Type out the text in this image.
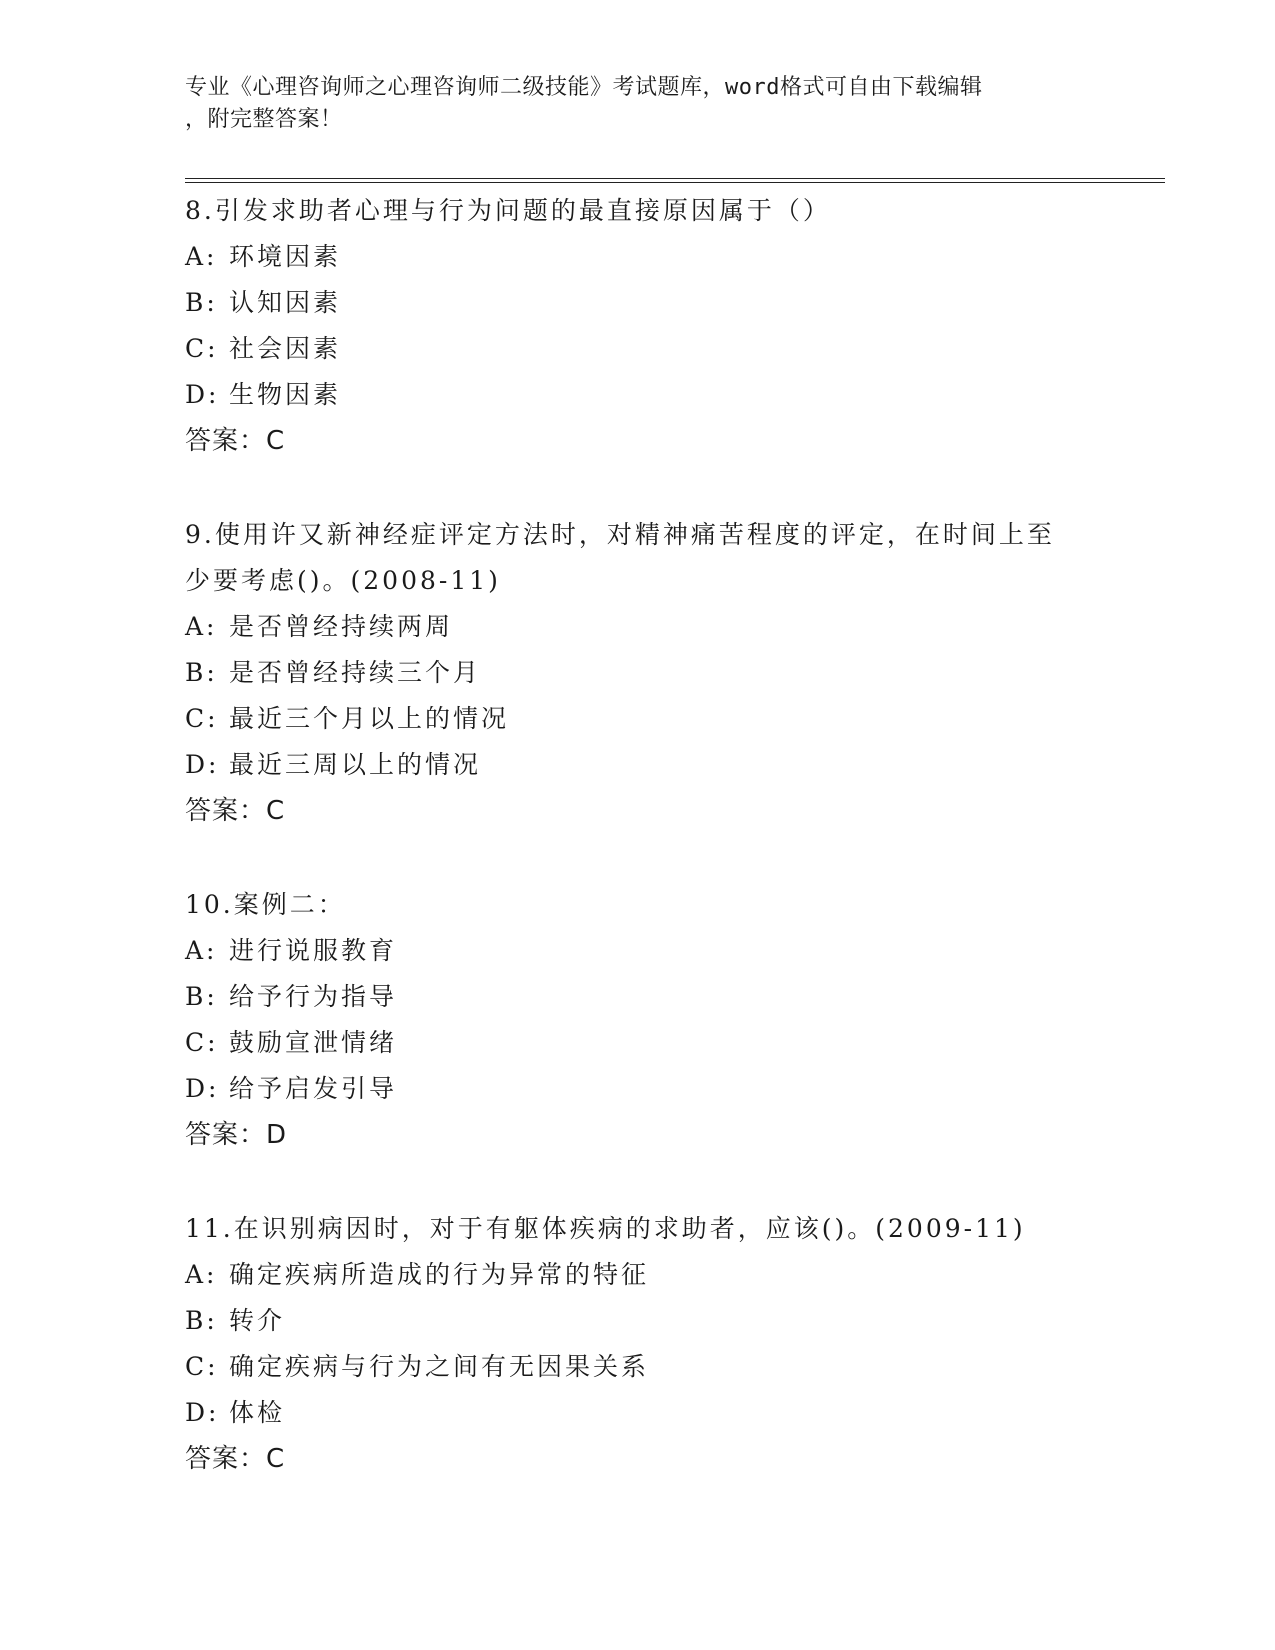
专业《心理咨询师之心理咨询师二级技能》考试题库，word格式可自由下载编辑
，附完整答案！
8.引发求助者心理与行为问题的最直接原因属于（）
A: 环境因素
B: 认知因素
C: 社会因素
D: 生物因素
答案：C
9.使用许又新神经症评定方法时，对精神痛苦程度的评定，在时间上至少要考虑()。(2008-11)
A: 是否曾经持续两周
B: 是否曾经持续三个月
C: 最近三个月以上的情况
D: 最近三周以上的情况
答案：C
10.案例二：
A: 进行说服教育
B: 给予行为指导
C: 鼓励宣泄情绪
D: 给予启发引导
答案：D
11.在识别病因时，对于有躯体疾病的求助者，应该()。(2009-11)
A: 确定疾病所造成的行为异常的特征
B: 转介
C: 确定疾病与行为之间有无因果关系
D: 体检
答案：C
